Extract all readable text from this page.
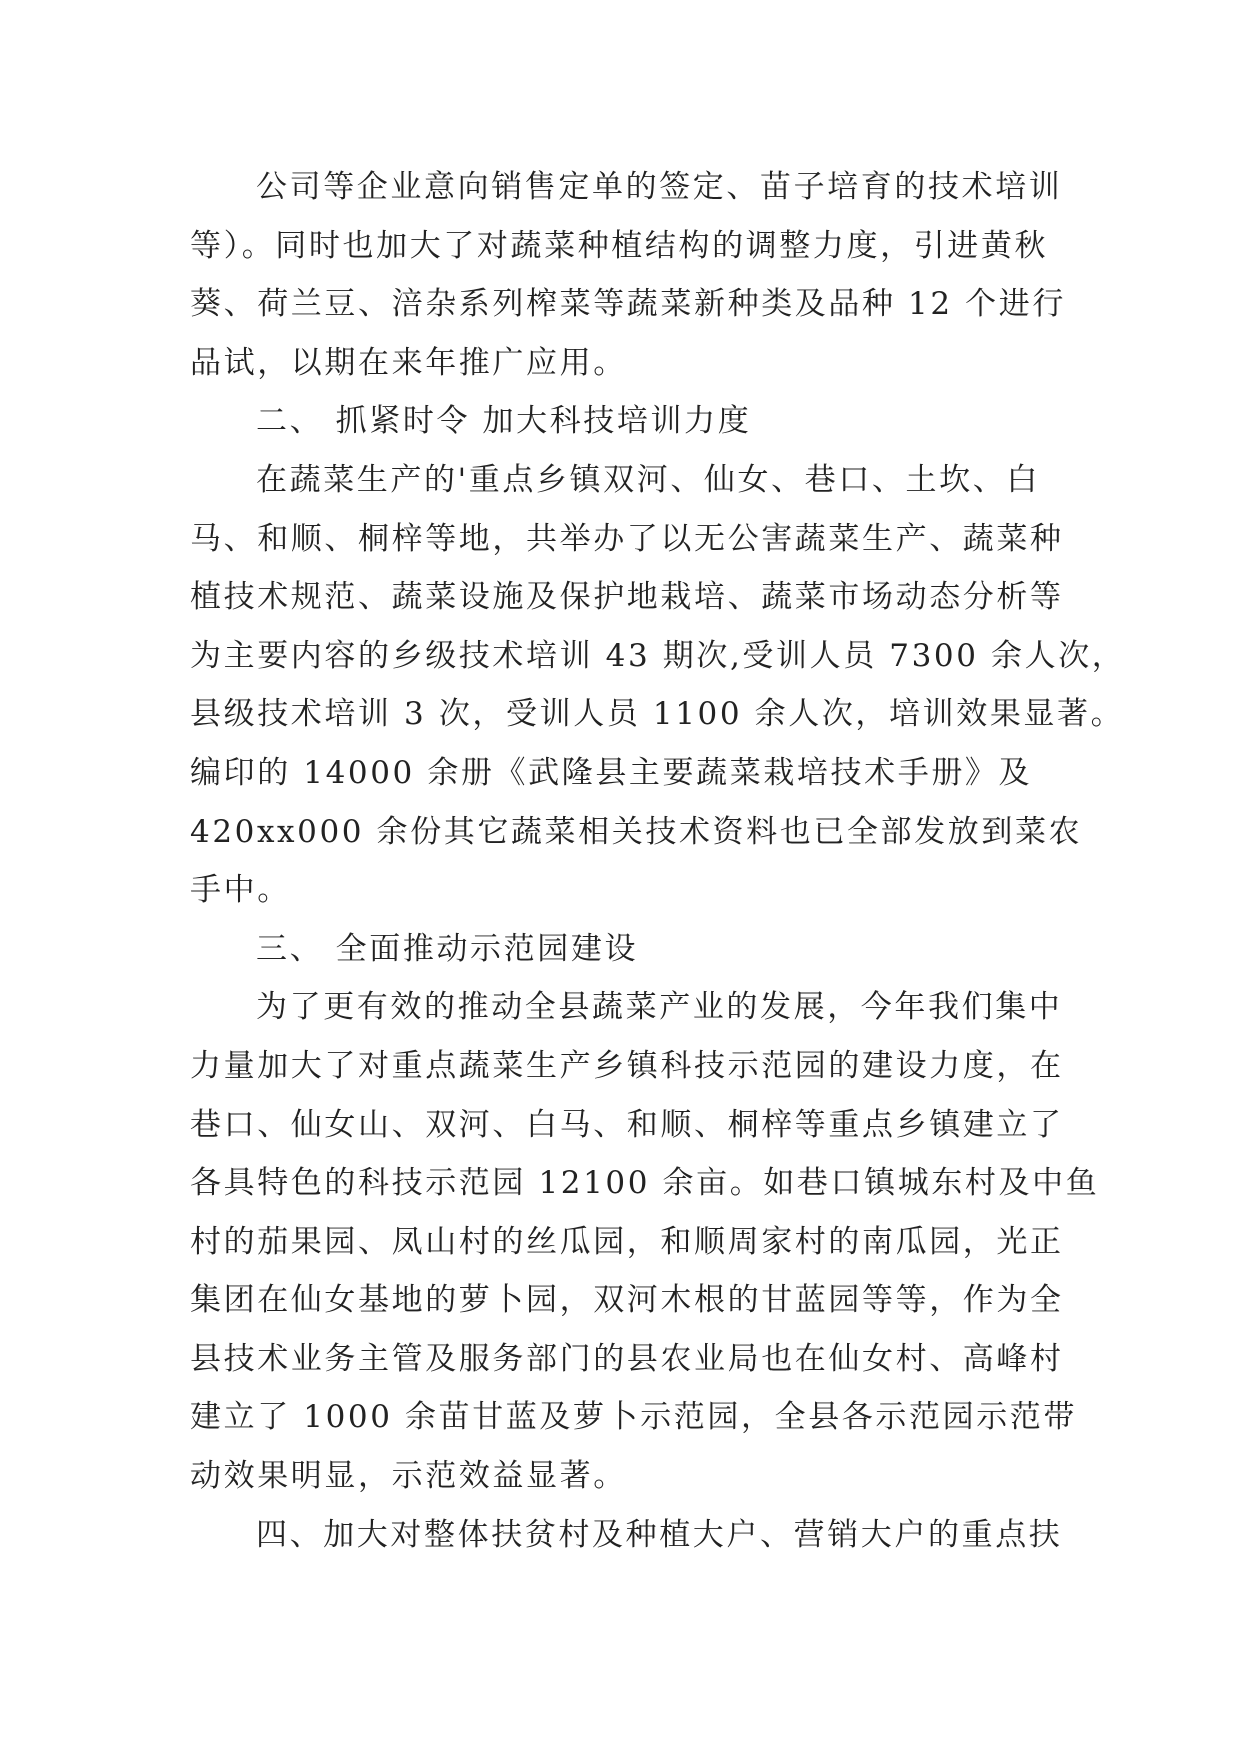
公司等企业意向销售定单的签定、苗子培育的技术培训
等）。同时也加大了对蔬菜种植结构的调整力度，引进黄秋
葵、荷兰豆、涪杂系列榨菜等蔬菜新种类及品种 12 个进行
品试，以期在来年推广应用。
二、 抓紧时令 加大科技培训力度
在蔬菜生产的'重点乡镇双河、仙女、巷口、土坎、白
马、和顺、桐梓等地，共举办了以无公害蔬菜生产、蔬菜种
植技术规范、蔬菜设施及保护地栽培、蔬菜市场动态分析等
为主要内容的乡级技术培训 43 期次,受训人员 7300 余人次，
县级技术培训 3 次，受训人员 1100 余人次，培训效果显著。
编印的 14000 余册《武隆县主要蔬菜栽培技术手册》及
420xx000 余份其它蔬菜相关技术资料也已全部发放到菜农
手中。
三、 全面推动示范园建设
为了更有效的推动全县蔬菜产业的发展，今年我们集中
力量加大了对重点蔬菜生产乡镇科技示范园的建设力度，在
巷口、仙女山、双河、白马、和顺、桐梓等重点乡镇建立了
各具特色的科技示范园 12100 余亩。如巷口镇城东村及中鱼
村的茄果园、凤山村的丝瓜园，和顺周家村的南瓜园，光正
集团在仙女基地的萝卜园，双河木根的甘蓝园等等，作为全
县技术业务主管及服务部门的县农业局也在仙女村、高峰村
建立了 1000 余苗甘蓝及萝卜示范园，全县各示范园示范带
动效果明显，示范效益显著。
四、加大对整体扶贫村及种植大户、营销大户的重点扶
